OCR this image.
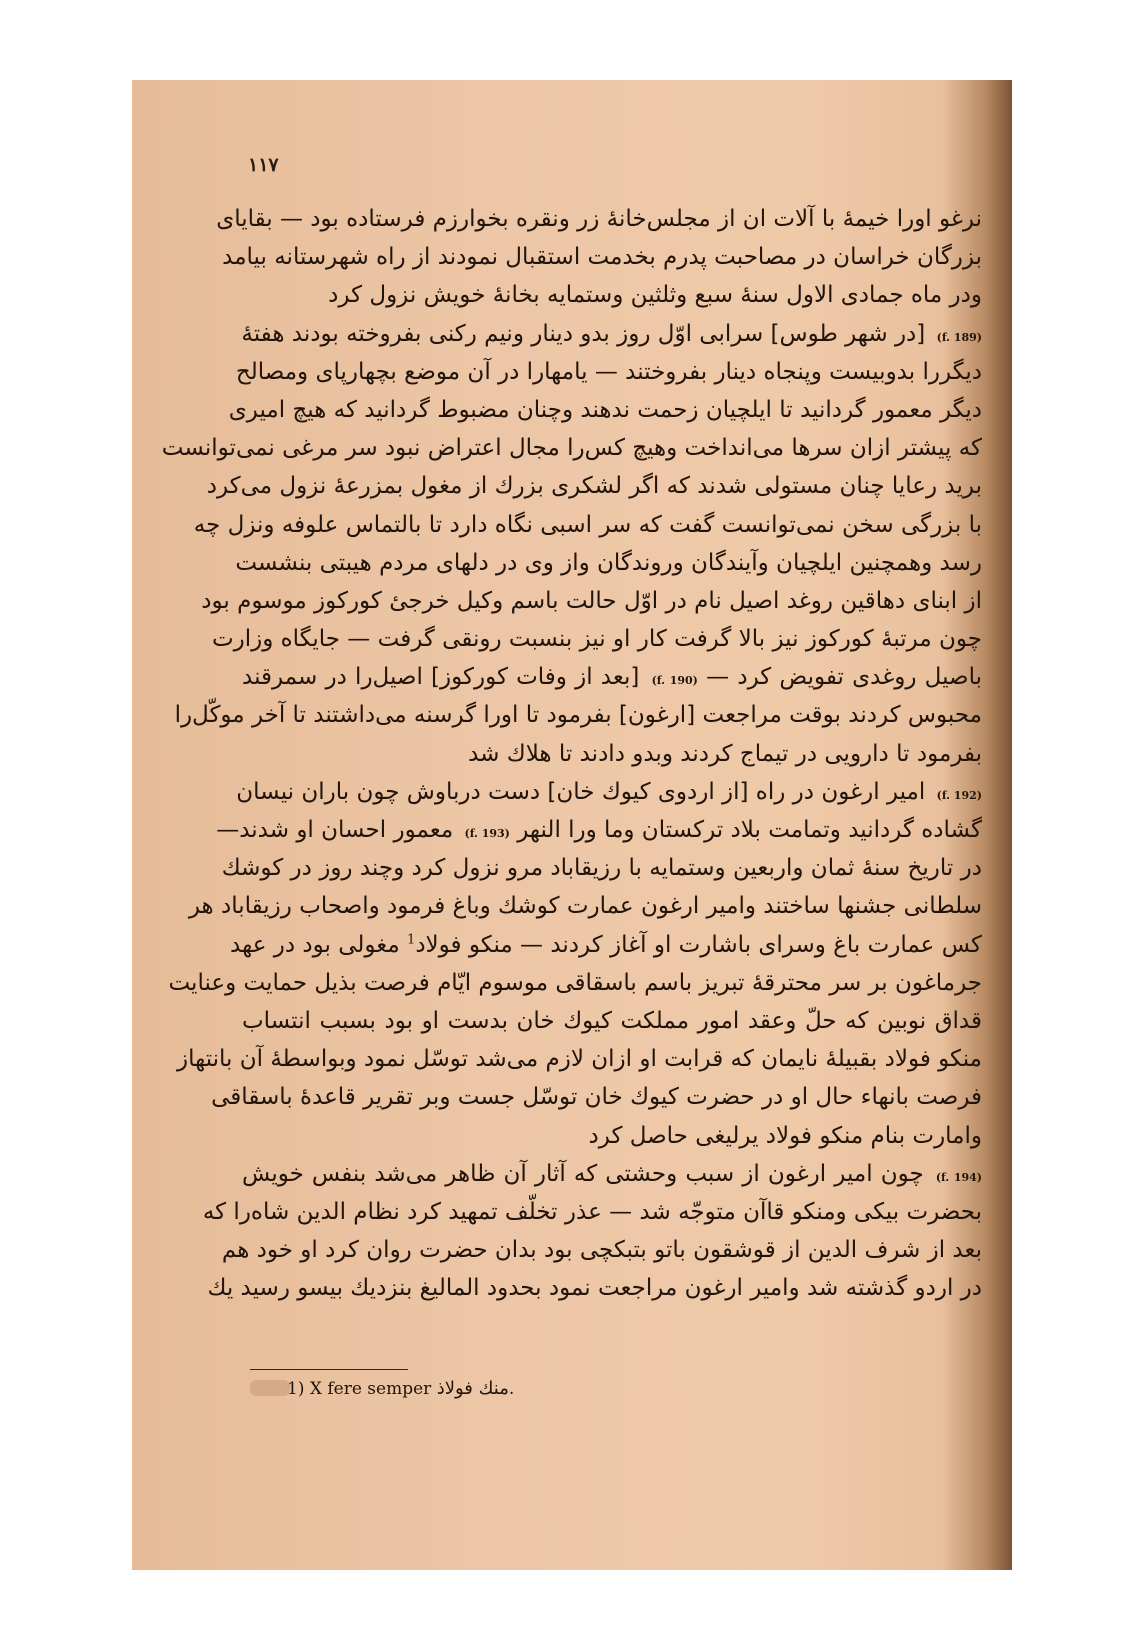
۱۱۷
نرغو اورا خیمهٔ با آلات ان از مجلس‌خانهٔ زر ونقره بخوارزم فرستاده بود — بقایای
بزرگان خراسان در مصاحبت پدرم بخدمت استقبال نمودند از راه شهرستانه بیامد
ودر ماه جمادی الاول سنهٔ سبع وثلثین وستمایه بخانهٔ خویش نزول کرد
(f. 189) [در شهر طوس] سرابی اوّل روز بدو دینار ونیم رکنی بفروخته بودند هفتهٔ
دیگررا بدوبیست وپنجاه دینار بفروختند — یامهارا در آن موضع بچهارپای ومصالح
دیگر معمور گردانید تا ایلچیان زحمت ندهند وچنان مضبوط گردانید که هیچ امیری
که پیشتر ازان سرها می‌انداخت وهیچ کس‌را مجال اعتراض نبود سر مرغی نمی‌توانست
برید رعایا چنان مستولی شدند که اگر لشکری بزرك از مغول بمزرعهٔ نزول می‌کرد
با بزرگی سخن نمی‌توانست گفت که سر اسبی نگاه دارد تا بالتماس علوفه ونزل چه
رسد وهمچنین ایلچیان وآیندگان وروندگان واز وی در دلهای مردم هیبتی بنشست
از ابنای دهاقین روغد اصیل نام در اوّل حالت باسم وکیل خرجیٔ کورکوز موسوم بود
چون مرتبهٔ کورکوز نیز بالا گرفت کار او نیز بنسبت رونقی گرفت — جایگاه وزارت
باصیل روغدی تفویض کرد — (f. 190) [بعد از وفات کورکوز] اصیل‌را در سمرقند
محبوس کردند بوقت مراجعت [ارغون] بفرمود تا اورا گرسنه می‌داشتند تا آخر موکّل‌را
بفرمود تا دارویی در تیماج کردند وبدو دادند تا هلاك شد
(f. 192) امیر ارغون در راه [از اردوی کیوك خان] دست درباوش چون باران نیسان
گشاده گردانید وتمامت بلاد ترکستان وما ورا النهر (f. 193) معمور احسان او شدند—
در تاریخ سنهٔ ثمان واربعین وستمایه با رزیقاباد مرو نزول کرد وچند روز در کوشك
سلطانی جشنها ساختند وامیر ارغون عمارت کوشك وباغ فرمود واصحاب رزیقاباد هر
کس عمارت باغ وسرای باشارت او آغاز کردند — منکو فولاد$^1$ مغولی بود در عهد
جرماغون بر سر محترقهٔ تبریز باسم باسقاقی موسوم ایّام فرصت بذیل حمایت وعنایت
قداق نوبین که حلّ وعقد امور مملکت کیوك خان بدست او بود بسبب انتساب
منکو فولاد بقبیلهٔ نایمان که قرابت او ازان لازم می‌شد توسّل نمود وبواسطهٔ آن بانتهاز
فرصت بانهاء حال او در حضرت کیوك خان توسّل جست وبر تقریر قاعدهٔ باسقاقی
وامارت بنام منکو فولاد یرلیغی حاصل کرد
(f. 194) چون امیر ارغون از سبب وحشتی که آثار آن ظاهر می‌شد بنفس خویش
بحضرت بیکی ومنکو قاآن متوجّه شد — عذر تخلّف تمهید کرد نظام الدین شاه‌را که
بعد از شرف الدین از قوشقون باتو بتبکچی بود بدان حضرت روان کرد او خود هم
در اردو گذشته شد وامیر ارغون مراجعت نمود بحدود المالیغ بنزدیك بیسو رسید یك
1) X fere semper منك فولاذ.
